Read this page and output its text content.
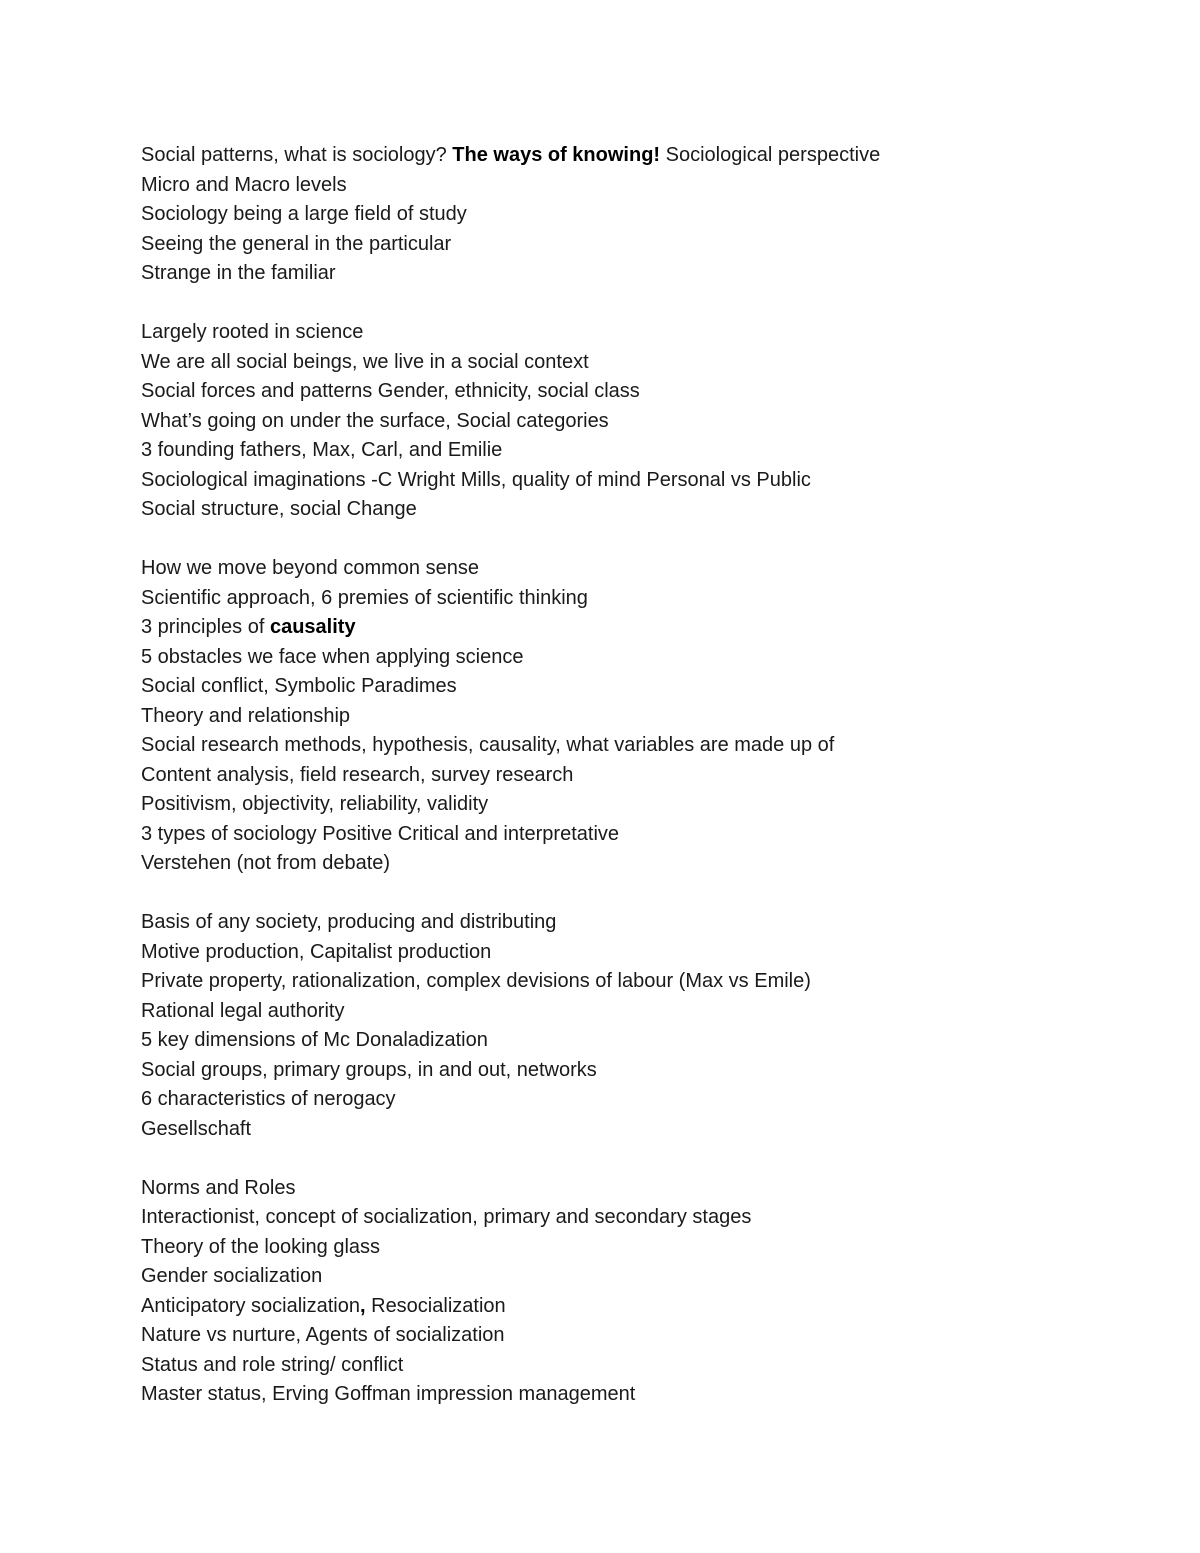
Social patterns, what is sociology? The ways of knowing! Sociological perspective
Micro and Macro levels
Sociology being a large field of study
Seeing the general in the particular
Strange in the familiar
Largely rooted in science
We are all social beings, we live in a social context
Social forces and patterns Gender, ethnicity, social class
What’s going on under the surface, Social categories
3 founding fathers, Max, Carl, and Emilie
Sociological imaginations -C Wright Mills, quality of mind Personal vs Public
Social structure, social Change
How we move beyond common sense
Scientific approach, 6 premies of scientific thinking
3 principles of causality
5 obstacles we face when applying science
Social conflict, Symbolic Paradimes
Theory and relationship
Social research methods, hypothesis, causality, what variables are made up of
Content analysis, field research, survey research
Positivism, objectivity, reliability, validity
3 types of sociology Positive Critical and interpretative
Verstehen (not from debate)
Basis of any society, producing and distributing
Motive production, Capitalist production
Private property, rationalization, complex devisions of labour (Max vs Emile)
Rational legal authority
5 key dimensions of Mc Donaladization
Social groups, primary groups, in and out, networks
6 characteristics of nerogacy
Gesellschaft
Norms and Roles
Interactionist, concept of socialization, primary and secondary stages
Theory of the looking glass
Gender socialization
Anticipatory socialization, Resocialization
Nature vs nurture, Agents of socialization
Status and role string/ conflict
Master status, Erving Goffman impression management
